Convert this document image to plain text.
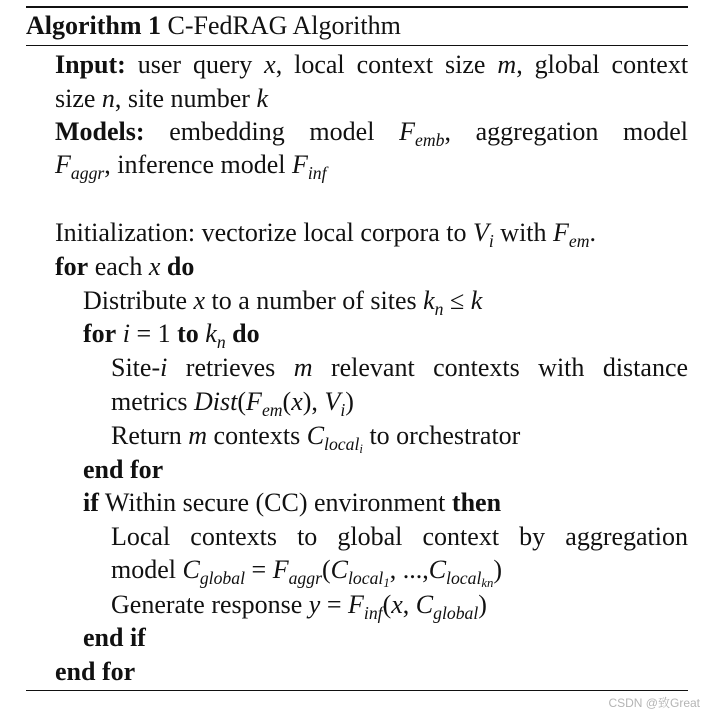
Algorithm 1 C-FedRAG Algorithm
Input: user query x, local context size m, global context
size n, site number k
Models: embedding model $F_{emb}$, aggregation model
$F_{aggr}$, inference model $F_{inf}$
Initialization: vectorize local corpora to $V_i$ with $F_{em}$.
for each x do
Distribute x to a number of sites $k_n \le k$
for i = 1 to $k_n$ do
Site-i retrieves m relevant contexts with distance
metrics $Dist(F_{em}(x)$, $V_i$)
Return m contexts $C_{local_i}$ to orchestrator
end for
if Within secure (CC) environment then
Local contexts to global context by aggregation
model $C_{global} = F_{aggr}(C_{local_1}$, $...,C_{local_{kn}}$)
Generate response $y = F_{inf}(x$, $C_{global}$)
end if
end for
CSDN @致Great
